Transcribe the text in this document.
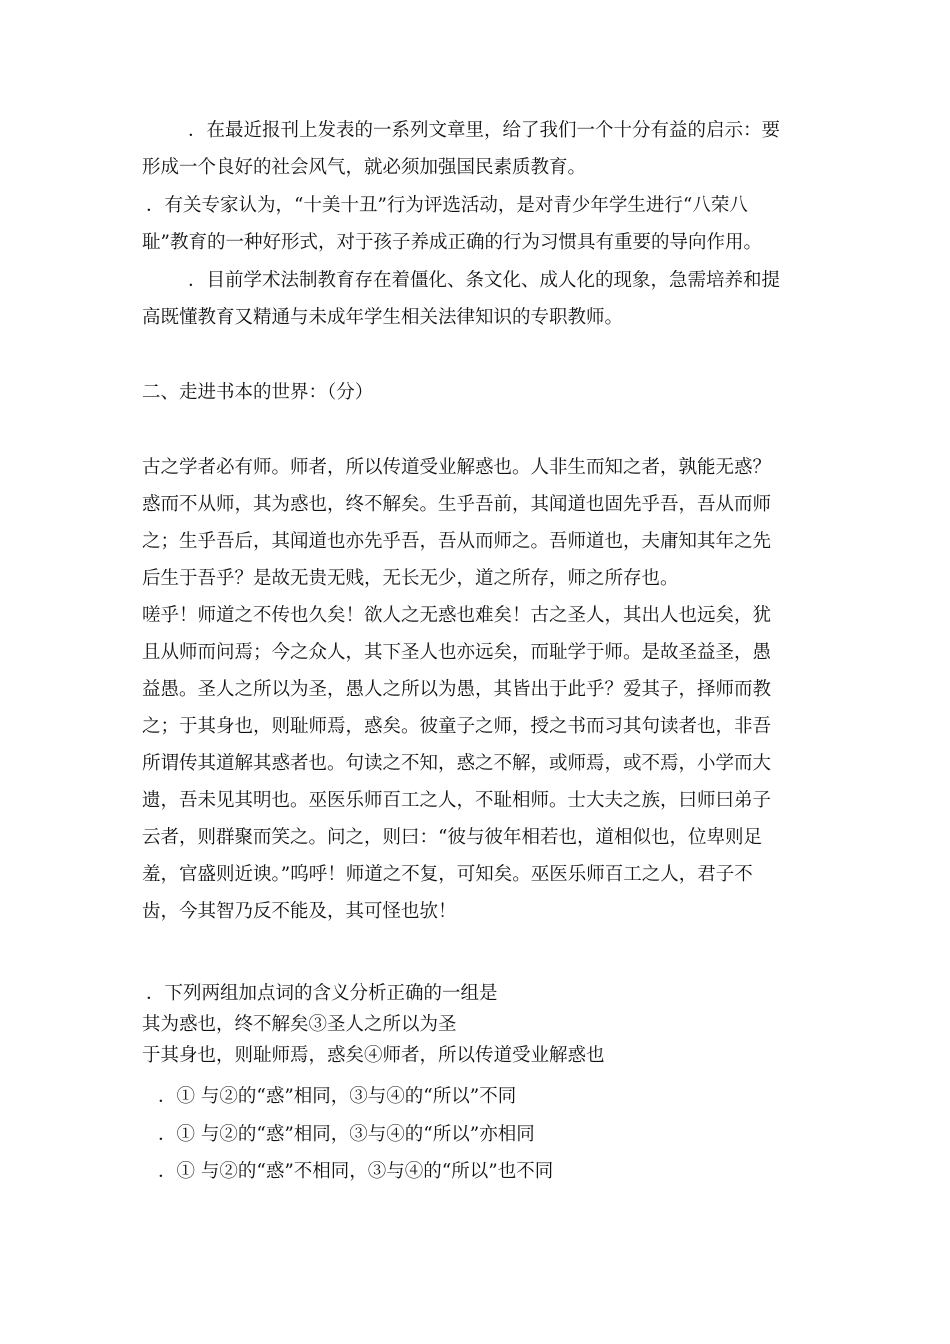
．在最近报刊上发表的一系列文章里，给了我们一个十分有益的启示：要

形成一个良好的社会风气，就必须加强国民素质教育。

．有关专家认为，“十美十丑”行为评选活动，是对青少年学生进行“八荣八

耻”教育的一种好形式，对于孩子养成正确的行为习惯具有重要的导向作用。

．目前学术法制教育存在着僵化、条文化、成人化的现象，急需培养和提

高既懂教育又精通与未成年学生相关法律知识的专职教师。

二、走进书本的世界：（分）

古之学者必有师。师者，所以传道受业解惑也。人非生而知之者，孰能无惑？

惑而不从师，其为惑也，终不解矣。生乎吾前，其闻道也固先乎吾，吾从而师

之；生乎吾后，其闻道也亦先乎吾，吾从而师之。吾师道也，夫庸知其年之先

后生于吾乎？是故无贵无贱，无长无少，道之所存，师之所存也。

嗟乎！师道之不传也久矣！欲人之无惑也难矣！古之圣人，其出人也远矣，犹

且从师而问焉；今之众人，其下圣人也亦远矣，而耻学于师。是故圣益圣，愚

益愚。圣人之所以为圣，愚人之所以为愚，其皆出于此乎？爱其子，择师而教

之；于其身也，则耻师焉，惑矣。彼童子之师，授之书而习其句读者也，非吾

所谓传其道解其惑者也。句读之不知，惑之不解，或师焉，或不焉，小学而大

遗，吾未见其明也。巫医乐师百工之人，不耻相师。士大夫之族，曰师曰弟子

云者，则群聚而笑之。问之，则曰：“彼与彼年相若也，道相似也，位卑则足

羞，官盛则近谀。”呜呼！师道之不复，可知矣。巫医乐师百工之人，君子不

齿，今其智乃反不能及，其可怪也欤！

．下列两组加点词的含义分析正确的一组是

其为惑也，终不解矣③圣人之所以为圣

于其身也，则耻师焉，惑矣④师者，所以传道受业解惑也

．① 与②的“惑”相同，③与④的“所以”不同

．① 与②的“惑”相同，③与④的“所以”亦相同

．① 与②的“惑”不相同，③与④的“所以”也不同
